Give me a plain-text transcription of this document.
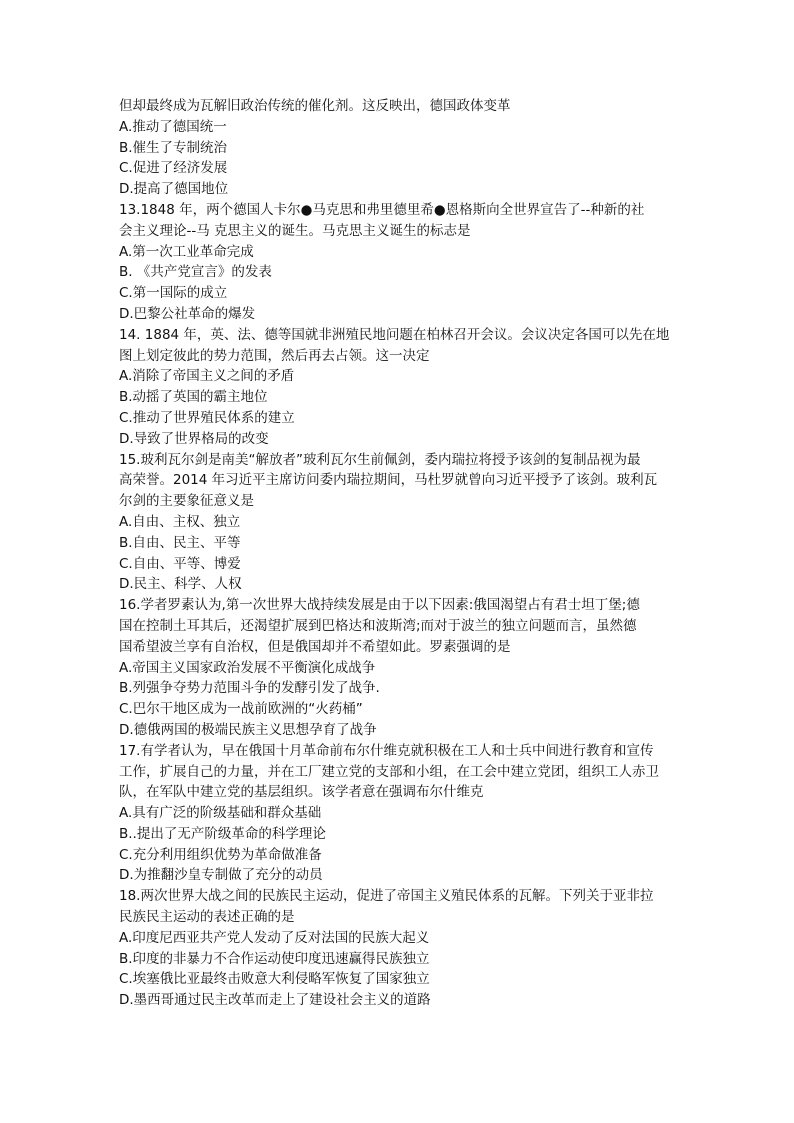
但却最终成为瓦解旧政治传统的催化剂。这反映出，德国政体变革
A.推动了德国统一
B.催生了专制统治
C.促进了经济发展
D.提高了德国地位
13.1848 年，两个德国人卡尔●马克思和弗里德里希●恩格斯向全世界宣告了--种新的社
会主义理论--马 克思主义的诞生。马克思主义诞生的标志是
A.第一次工业革命完成
B. 《共产党宣言》的发表
C.第一国际的成立
D.巴黎公社革命的爆发
14. 1884 年，英、法、德等国就非洲殖民地问题在柏林召开会议。会议决定各国可以先在地
图上划定彼此的势力范围，然后再去占领。这一决定
A.消除了帝国主义之间的矛盾
B.动摇了英国的霸主地位
C.推动了世界殖民体系的建立
D.导致了世界格局的改变
15.玻利瓦尔剑是南美“解放者”玻利瓦尔生前佩剑，委内瑞拉将授予该剑的复制品视为最
高荣誉。2014 年习近平主席访问委内瑞拉期间，马杜罗就曾向习近平授予了该剑。玻利瓦
尔剑的主要象征意义是
A.自由、主权、独立
B.自由、民主、平等
C.自由、平等、博爱
D.民主、科学、人权
16.学者罗素认为,第一次世界大战持续发展是由于以下因素:俄国渴望占有君士坦丁堡;德
国在控制土耳其后，还渴望扩展到巴格达和波斯湾;而对于波兰的独立问题而言，虽然德
国希望波兰享有自治权，但是俄国却并不希望如此。罗素强调的是
A.帝国主义国家政治发展不平衡演化成战争
B.列强争夺势力范围斗争的发酵引发了战争.
C.巴尔干地区成为一战前欧洲的“火药桶”
D.德俄两国的极端民族主义思想孕育了战争
17.有学者认为，早在俄国十月革命前布尔什维克就积极在工人和士兵中间进行教育和宣传
工作，扩展自己的力量，并在工厂建立党的支部和小组，在工会中建立党团，组织工人赤卫
队，在军队中建立党的基层组织。该学者意在强调布尔什维克
A.具有广泛的阶级基础和群众基础
B..提出了无产阶级革命的科学理论
C.充分利用组织优势为革命做准备
D.为推翻沙皇专制做了充分的动员
18.两次世界大战之间的民族民主运动，促进了帝国主义殖民体系的瓦解。下列关于亚非拉
民族民主运动的表述正确的是
A.印度尼西亚共产党人发动了反对法国的民族大起义
B.印度的非暴力不合作运动使印度迅速赢得民族独立
C.埃塞俄比亚最终击败意大利侵略军恢复了国家独立
D.墨西哥通过民主改革而走上了建设社会主义的道路
